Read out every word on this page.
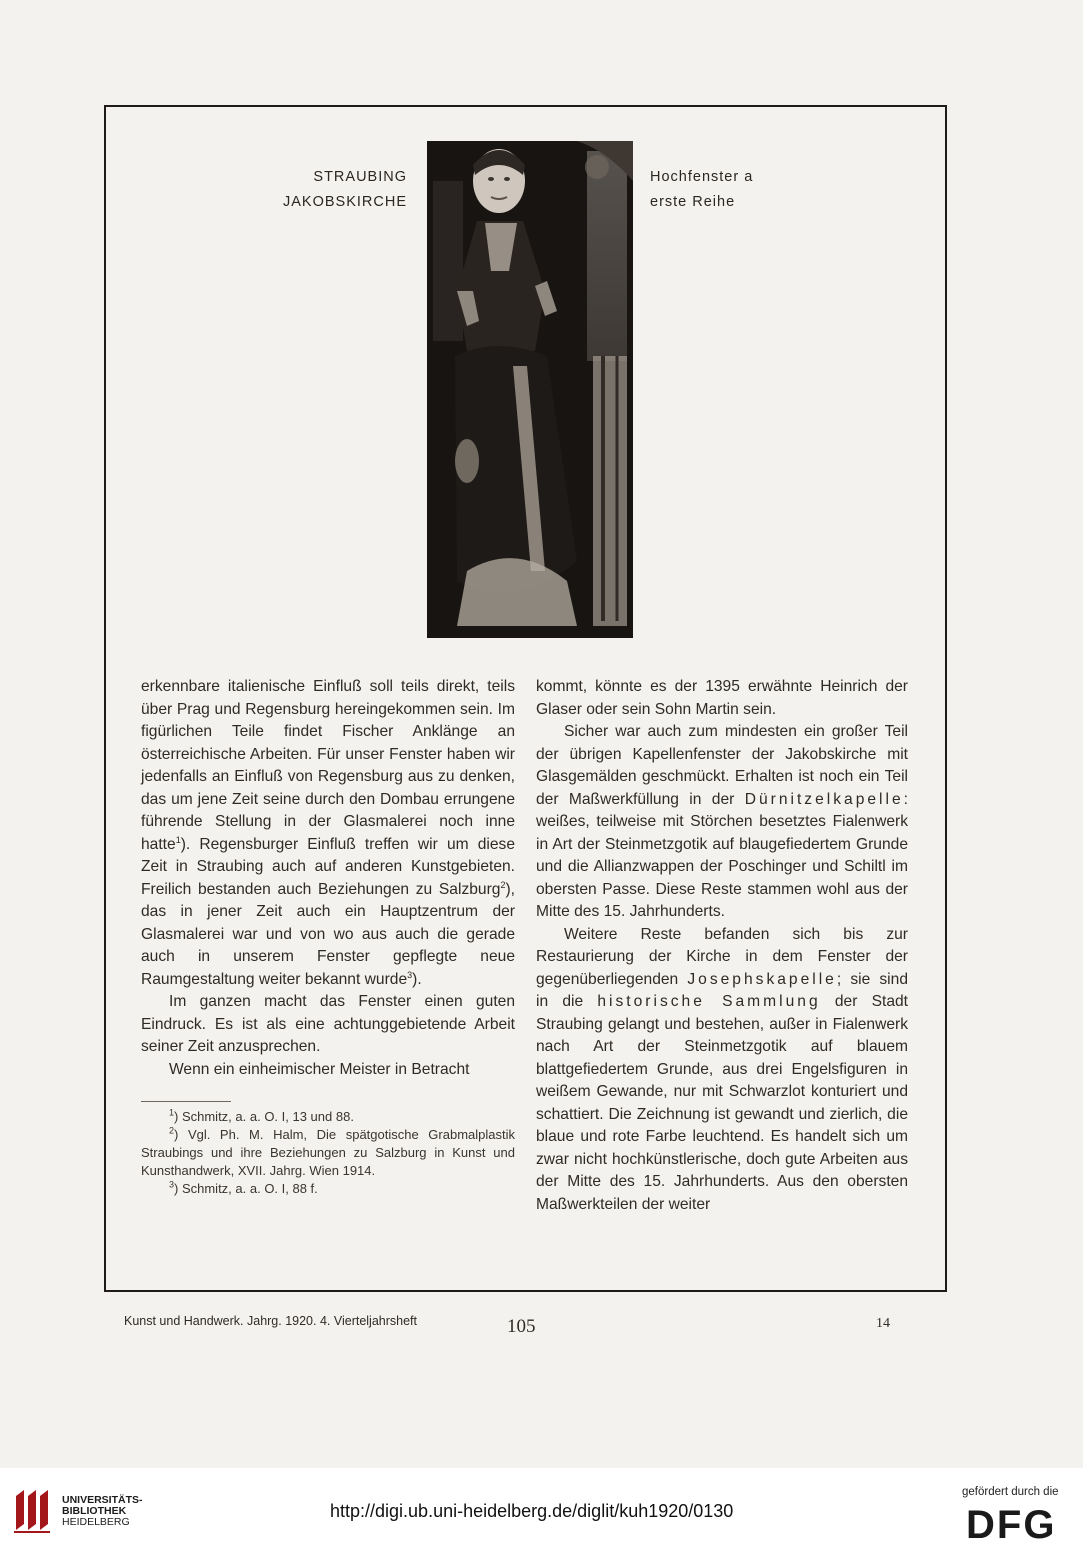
STRAUBING
JAKOBSKIRCHE
Hochfenster a
erste Reihe

erkennbare italienische Einfluß soll teils direkt, teils über Prag und Regensburg hereingekommen sein. Im figürlichen Teile findet Fischer Anklänge an österreichische Arbeiten. Für unser Fenster haben wir jedenfalls an Einfluß von Regensburg aus zu denken, das um jene Zeit seine durch den Dombau errungene führende Stellung in der Glasmalerei noch inne hatte$^1$). Regensburger Einfluß treffen wir um diese Zeit in Straubing auch auf anderen Kunstgebieten. Freilich bestanden auch Beziehungen zu Salzburg$^2$), das in jener Zeit auch ein Hauptzentrum der Glasmalerei war und von wo aus auch die gerade auch in unserem Fenster gepflegte neue Raumgestaltung weiter bekannt wurde$^3$).

Im ganzen macht das Fenster einen guten Eindruck. Es ist als eine achtunggebietende Arbeit seiner Zeit anzusprechen.

Wenn ein einheimischer Meister in Betracht

$^1$) Schmitz, a. a. O. I, 13 und 88.

$^2$) Vgl. Ph. M. Halm, Die spätgotische Grabmalplastik Straubings und ihre Beziehungen zu Salzburg in Kunst und Kunsthandwerk, XVII. Jahrg. Wien 1914.

$^3$) Schmitz, a. a. O. I, 88 f.

kommt, könnte es der 1395 erwähnte Heinrich der Glaser oder sein Sohn Martin sein.

Sicher war auch zum mindesten ein großer Teil der übrigen Kapellenfenster der Jakobskirche mit Glasgemälden geschmückt. Erhalten ist noch ein Teil der Maßwerkfüllung in der Dürnitzelkapelle: weißes, teilweise mit Störchen besetztes Fialenwerk in Art der Steinmetzgotik auf blaugefiedertem Grunde und die Allianzwappen der Poschinger und Schiltl im obersten Passe. Diese Reste stammen wohl aus der Mitte des 15. Jahrhunderts.

Weitere Reste befanden sich bis zur Restaurierung der Kirche in dem Fenster der gegenüberliegenden Josephskapelle; sie sind in die historische Sammlung der Stadt Straubing gelangt und bestehen, außer in Fialenwerk nach Art der Steinmetzgotik auf blauem blattgefiedertem Grunde, aus drei Engelsfiguren in weißem Gewande, nur mit Schwarzlot konturiert und schattiert. Die Zeichnung ist gewandt und zierlich, die blaue und rote Farbe leuchtend. Es handelt sich um zwar nicht hochkünstlerische, doch gute Arbeiten aus der Mitte des 15. Jahrhunderts. Aus den obersten Maßwerkteilen der weiter

Kunst und Handwerk. Jahrg. 1920. 4. Vierteljahrsheft	105	14
UNIVERSITÄTS-
BIBLIOTHEK
HEIDELBERG
http://digi.ub.uni-heidelberg.de/diglit/kuh1920/0130
gefördert durch die
DFG
